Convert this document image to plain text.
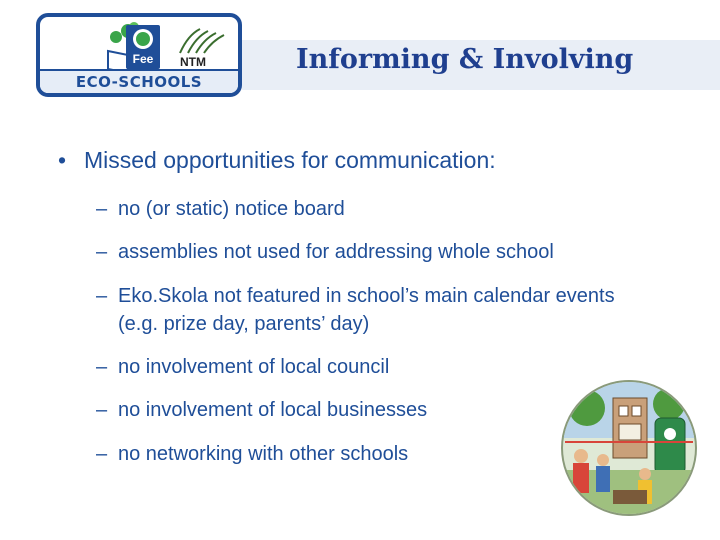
Fee	NTM
ECO-SCHOOLS
Informing & Involving

• Missed opportunities for communication:

– no (or static) notice board
– assemblies not used for addressing whole school
– Eko.Skola not featured in school’s main calendar events (e.g. prize day, parents’ day)
– no involvement of local council
– no involvement of local businesses
– no networking with other schools
